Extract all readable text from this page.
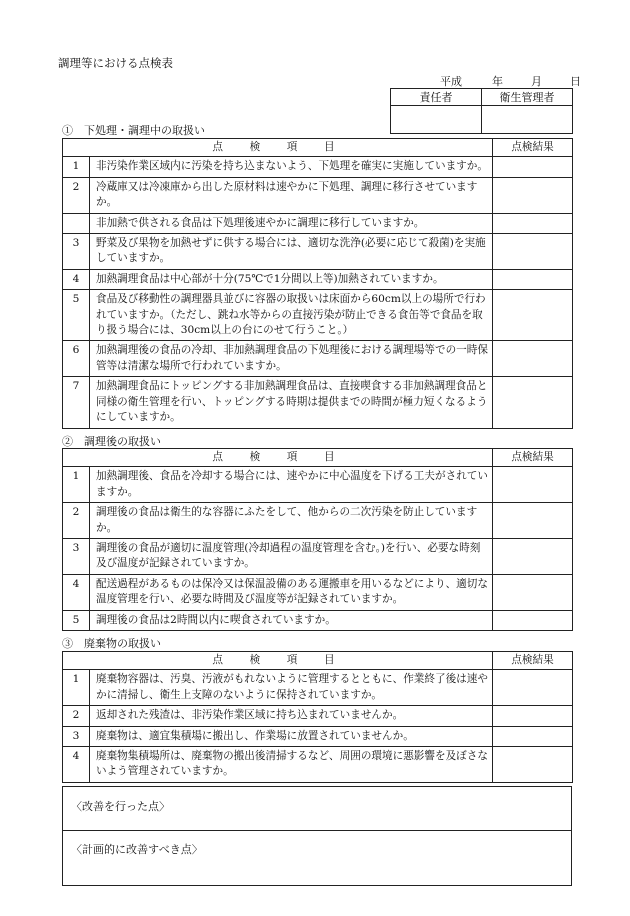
調理等における点検表
平成	年	月	日
責任者	衛生管理者

①　下処理・調理中の取扱い
点　検　項　目		点検結果
1	非汚染作業区域内に汚染を持ち込まないよう、下処理を確実に実施していますか。	
2	冷蔵庫又は冷凍庫から出した原材料は速やかに下処理、調理に移行させていますか。	
	非加熱で供される食品は下処理後速やかに調理に移行していますか。	
3	野菜及び果物を加熱せずに供する場合には、適切な洗浄(必要に応じて殺菌)を実施していますか。	
4	加熱調理食品は中心部が十分(75℃で1分間以上等)加熱されていますか。	
5	食品及び移動性の調理器具並びに容器の取扱いは床面から60cm以上の場所で行われていますか。（ただし、跳ね水等からの直接汚染が防止できる食缶等で食品を取り扱う場合には、30cm以上の台にのせて行うこと。）	
6	加熱調理後の食品の冷却、非加熱調理食品の下処理後における調理場等での一時保管等は清潔な場所で行われていますか。	
7	加熱調理食品にトッピングする非加熱調理食品は、直接喫食する非加熱調理食品と同様の衛生管理を行い、トッピングする時期は提供までの時間が極力短くなるようにしていますか。	
②　調理後の取扱い
点　検　項　目		点検結果
1	加熱調理後、食品を冷却する場合には、速やかに中心温度を下げる工夫がされていますか。	
2	調理後の食品は衛生的な容器にふたをして、他からの二次汚染を防止していますか。	
3	調理後の食品が適切に温度管理(冷却過程の温度管理を含む。)を行い、必要な時刻及び温度が記録されていますか。	
4	配送過程があるものは保冷又は保温設備のある運搬車を用いるなどにより、適切な温度管理を行い、必要な時間及び温度等が記録されていますか。	
5	調理後の食品は2時間以内に喫食されていますか。	
③　廃棄物の取扱い
点　検　項　目		点検結果
1	廃棄物容器は、汚臭、汚液がもれないように管理するとともに、作業終了後は速やかに清掃し、衛生上支障のないように保持されていますか。	
2	返却された残渣は、非汚染作業区域に持ち込まれていませんか。	
3	廃棄物は、適宜集積場に搬出し、作業場に放置されていませんか。	
4	廃棄物集積場所は、廃棄物の搬出後清掃するなど、周囲の環境に悪影響を及ぼさないよう管理されていますか。	
〈改善を行った点〉
〈計画的に改善すべき点〉
